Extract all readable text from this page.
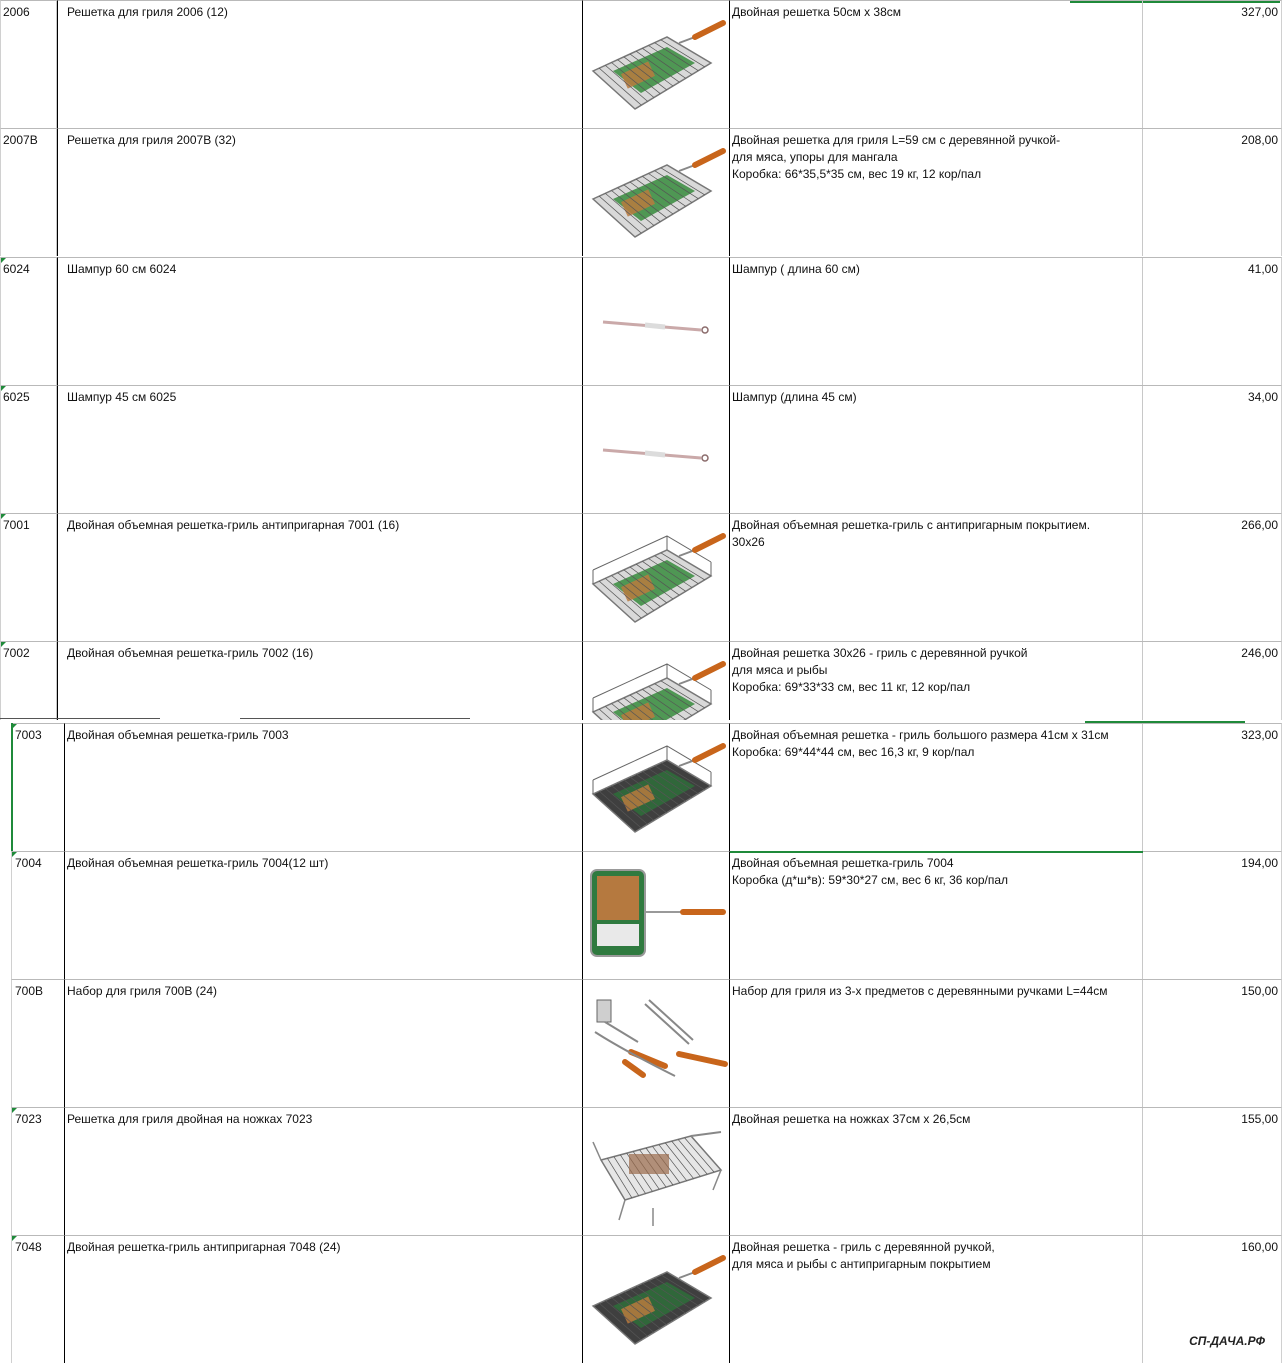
2006	Решетка для гриля 2006 (12)	Двойная решетка 50см х 38см	327,00
2007В	Решетка для гриля 2007В (32)	Двойная решетка для гриля L=59 см с деревянной ручкой-
для мяса, упоры для мангала
Коробка: 66*35,5*35 см, вес 19 кг, 12 кор/пал
208,00
6024	Шампур 60 см 6024	Шампур ( длина 60 см)	41,00
6025	Шампур 45 см 6025	Шампур (длина 45 см)	34,00
7001	Двойная объемная решетка-гриль антипригарная 7001 (16)	Двойная объемная решетка-гриль с антипригарным покрытием.
30х26
266,00
7002	Двойная объемная решетка-гриль 7002 (16)	Двойная решетка 30х26 - гриль с деревянной ручкой
для мяса и рыбы
Коробка: 69*33*33 см, вес 11 кг, 12 кор/пал
246,00
7003	Двойная объемная решетка-гриль 7003	Двойная объемная решетка - гриль большого размера 41см х 31см
Коробка: 69*44*44 см, вес 16,3 кг, 9 кор/пал
323,00
7004	Двойная объемная решетка-гриль 7004(12 шт)	Двойная объемная решетка-гриль 7004
Коробка (д*ш*в): 59*30*27 см, вес 6 кг, 36 кор/пал
194,00
700В	Набор для гриля 700В (24)	Набор для гриля из 3-х предметов с деревянными ручками L=44см	150,00
7023	Решетка для гриля двойная на ножках 7023	Двойная решетка на ножках 37см х 26,5см	155,00
7048	Двойная решетка-гриль антипригарная 7048 (24)	Двойная решетка - гриль с деревянной ручкой,
для мяса и рыбы с антипригарным покрытием
160,00
СП-ДАЧА.РФ
